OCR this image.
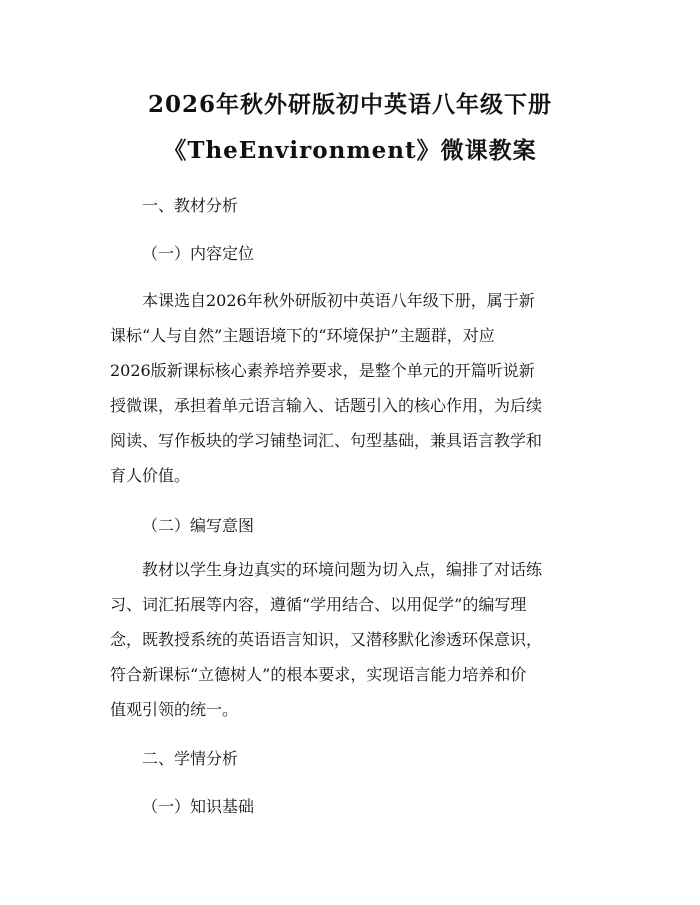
2026年秋外研版初中英语八年级下册
《TheEnvironment》微课教案
一、教材分析
（一）内容定位
本课选自2026年秋外研版初中英语八年级下册，属于新
课标“人与自然”主题语境下的“环境保护”主题群，对应
2026版新课标核心素养培养要求，是整个单元的开篇听说新
授微课，承担着单元语言输入、话题引入的核心作用，为后续
阅读、写作板块的学习铺垫词汇、句型基础，兼具语言教学和
育人价值。
（二）编写意图
教材以学生身边真实的环境问题为切入点，编排了对话练
习、词汇拓展等内容，遵循“学用结合、以用促学”的编写理
念，既教授系统的英语语言知识，又潜移默化渗透环保意识，
符合新课标“立德树人”的根本要求，实现语言能力培养和价
值观引领的统一。
二、学情分析
（一）知识基础
